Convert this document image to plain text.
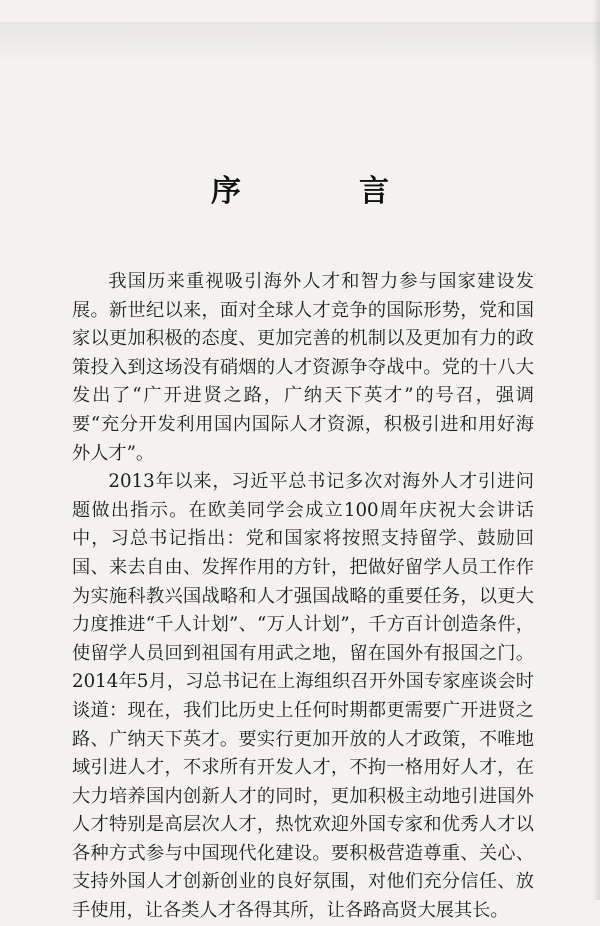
序　言

我国历来重视吸引海外人才和智力参与国家建设发展。新世纪以来，面对全球人才竞争的国际形势，党和国家以更加积极的态度、更加完善的机制以及更加有力的政策投入到这场没有硝烟的人才资源争夺战中。党的十八大发出了“广开进贤之路，广纳天下英才”的号召，强调要“充分开发利用国内国际人才资源，积极引进和用好海外人才”。

2013年以来，习近平总书记多次对海外人才引进问题做出指示。在欧美同学会成立100周年庆祝大会讲话中，习总书记指出：党和国家将按照支持留学、鼓励回国、来去自由、发挥作用的方针，把做好留学人员工作作为实施科教兴国战略和人才强国战略的重要任务，以更大力度推进“千人计划”、“万人计划”，千方百计创造条件，使留学人员回到祖国有用武之地，留在国外有报国之门。2014年5月，习总书记在上海组织召开外国专家座谈会时谈道：现在，我们比历史上任何时期都更需要广开进贤之路、广纳天下英才。要实行更加开放的人才政策，不唯地域引进人才，不求所有开发人才，不拘一格用好人才，在大力培养国内创新人才的同时，更加积极主动地引进国外人才特别是高层次人才，热忱欢迎外国专家和优秀人才以各种方式参与中国现代化建设。要积极营造尊重、关心、支持外国人才创新创业的良好氛围，对他们充分信任、放手使用，让各类人才各得其所，让各路高贤大展其长。
